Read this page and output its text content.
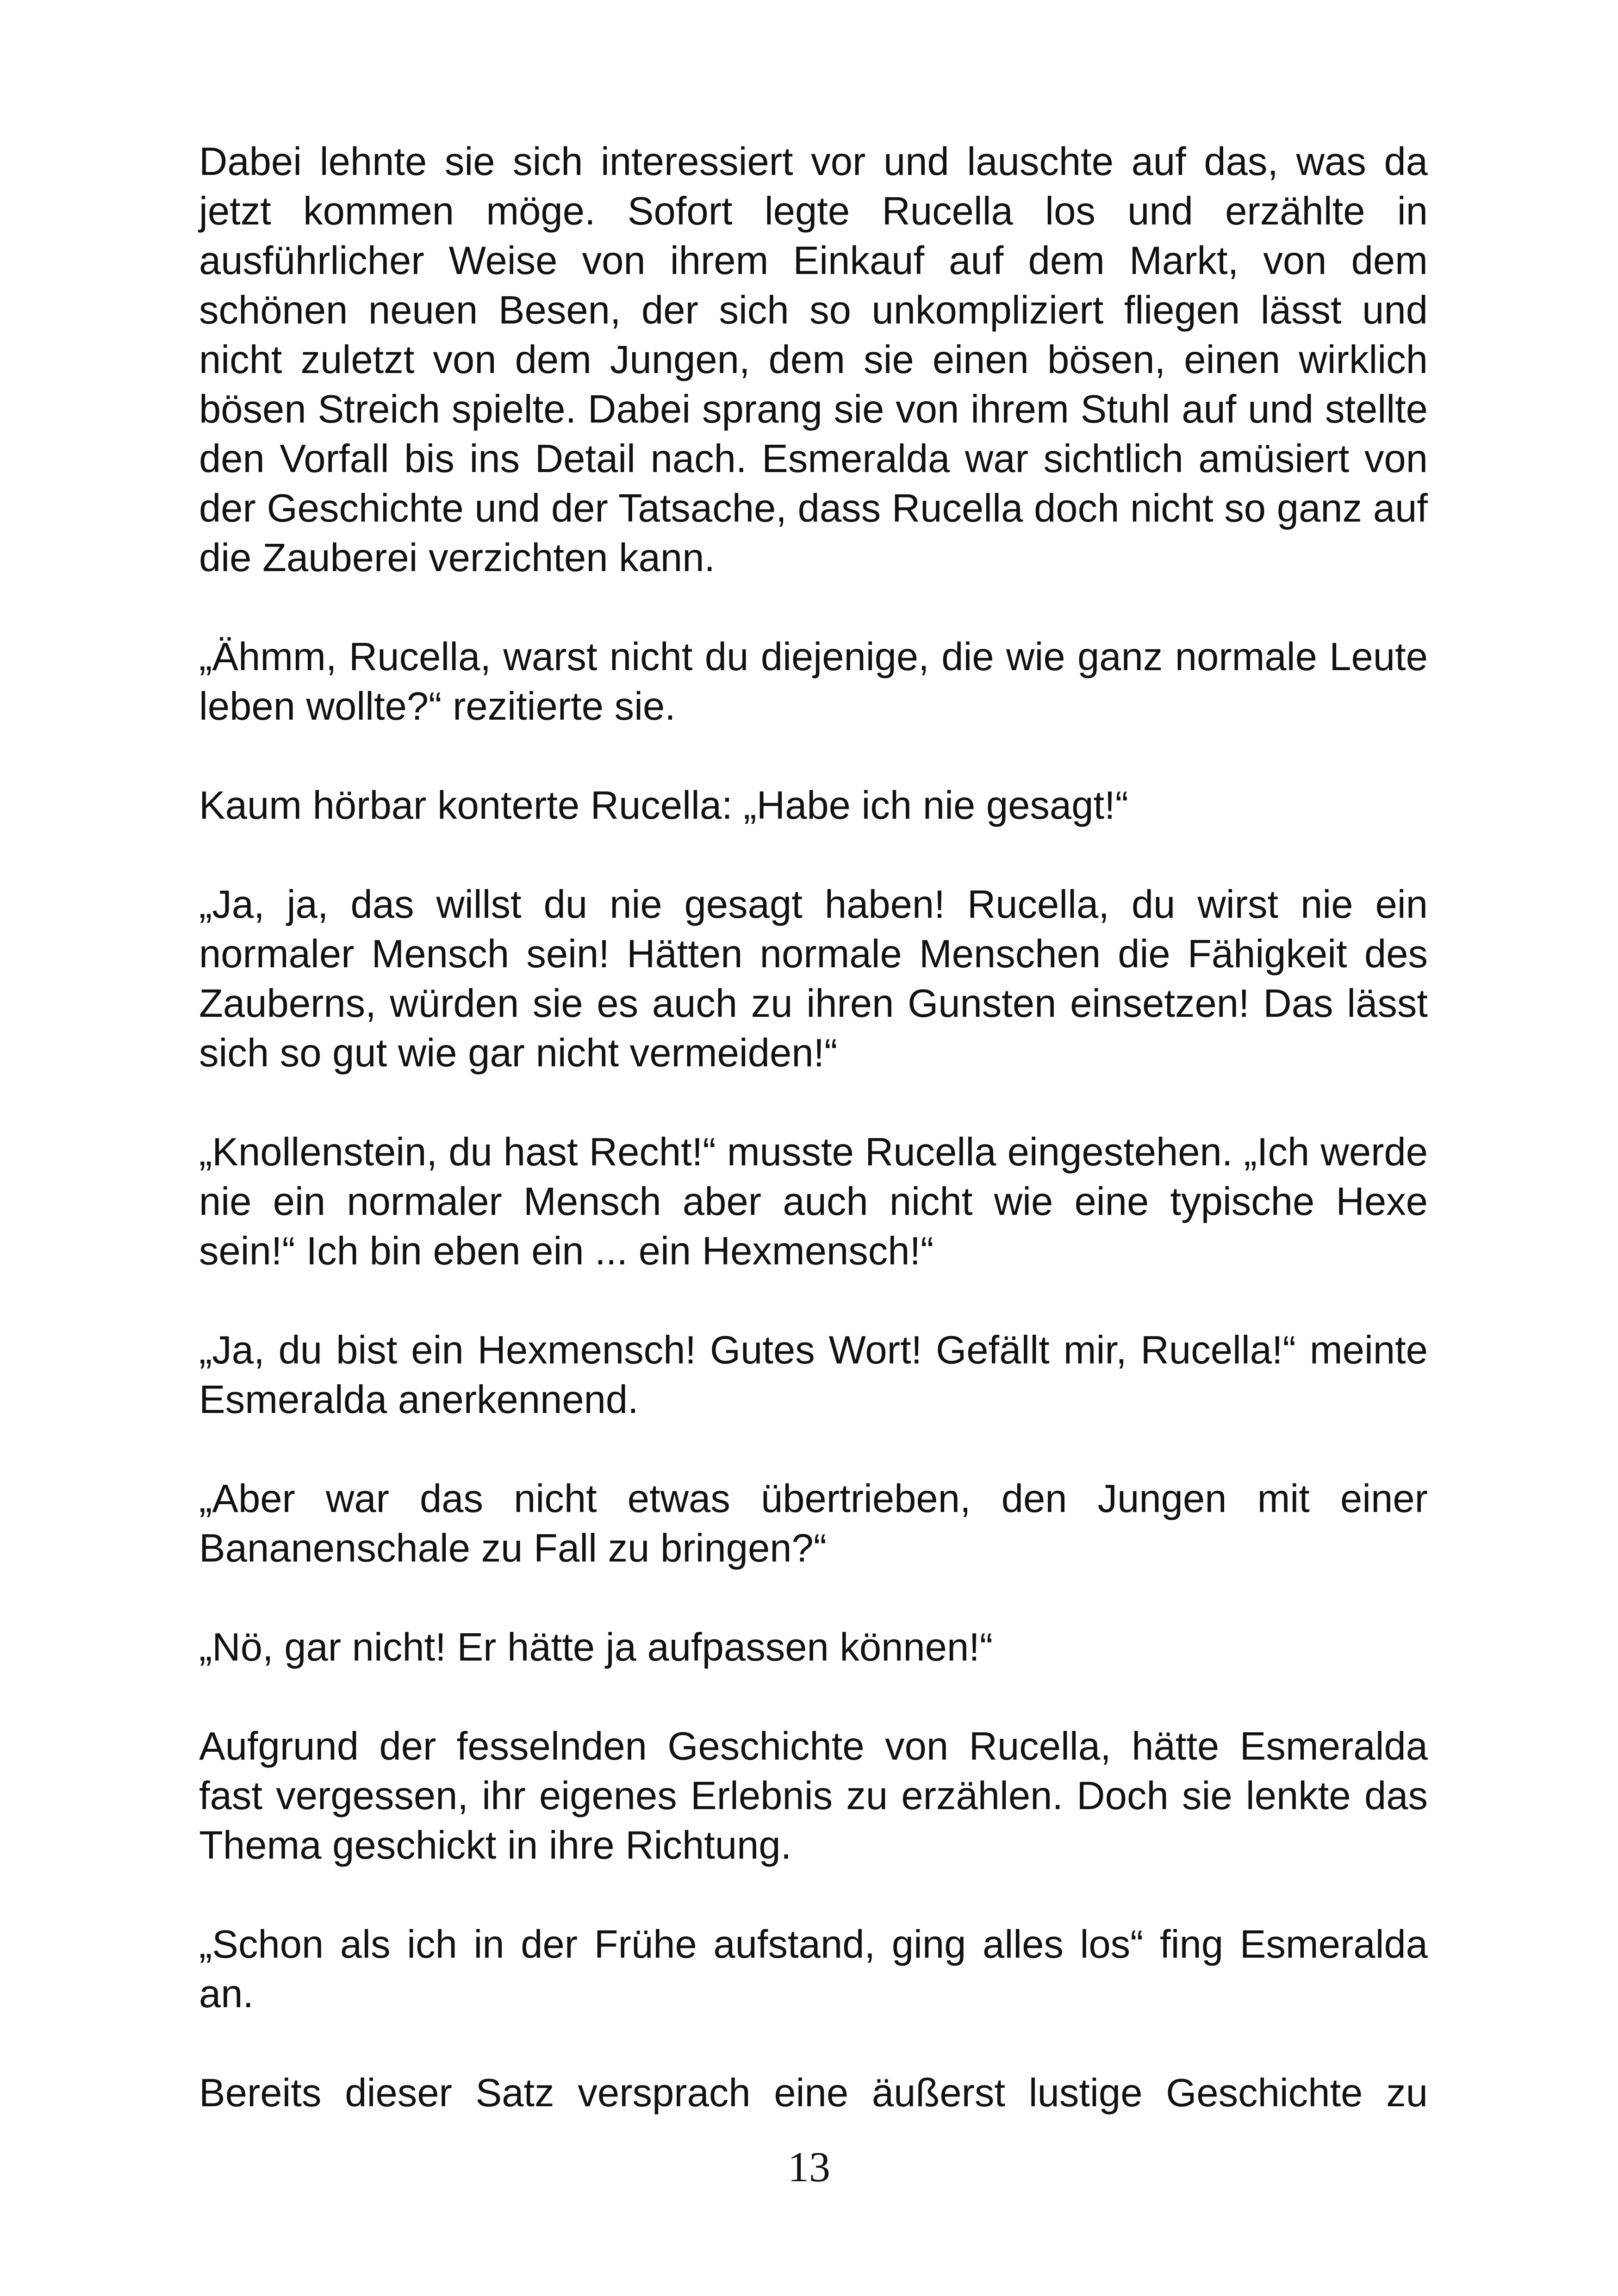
Dabei lehnte sie sich interessiert vor und lauschte auf das, was da jetzt kommen möge. Sofort legte Rucella los und erzählte in ausführlicher Weise von ihrem Einkauf auf dem Markt, von dem schönen neuen Besen, der sich so unkompliziert fliegen lässt und nicht zuletzt von dem Jungen, dem sie einen bösen, einen wirklich bösen Streich spielte. Dabei sprang sie von ihrem Stuhl auf und stellte den Vorfall bis ins Detail nach. Esmeralda war sichtlich amüsiert von der Geschichte und der Tatsache, dass Rucella doch nicht so ganz auf die Zauberei verzichten kann.

„Ähmm, Rucella, warst nicht du diejenige, die wie ganz normale Leute leben wollte?“ rezitierte sie.

Kaum hörbar konterte Rucella: „Habe ich nie gesagt!“

„Ja, ja, das willst du nie gesagt haben! Rucella, du wirst nie ein normaler Mensch sein! Hätten normale Menschen die Fähigkeit des Zauberns, würden sie es auch zu ihren Gunsten einsetzen! Das lässt sich so gut wie gar nicht vermeiden!“

„Knollenstein, du hast Recht!“ musste Rucella eingestehen. „Ich werde nie ein normaler Mensch aber auch nicht wie eine typische Hexe sein!“ Ich bin eben ein ... ein Hexmensch!“

„Ja, du bist ein Hexmensch! Gutes Wort! Gefällt mir, Rucella!“ meinte Esmeralda anerkennend.

„Aber war das nicht etwas übertrieben, den Jungen mit einer Bananenschale zu Fall zu bringen?“

„Nö, gar nicht! Er hätte ja aufpassen können!“

Aufgrund der fesselnden Geschichte von Rucella, hätte Esmeralda fast vergessen, ihr eigenes Erlebnis zu erzählen. Doch sie lenkte das Thema geschickt in ihre Richtung.

„Schon als ich in der Frühe aufstand, ging alles los“ fing Esmeralda an.

Bereits dieser Satz versprach eine äußerst lustige Geschichte zu

13
